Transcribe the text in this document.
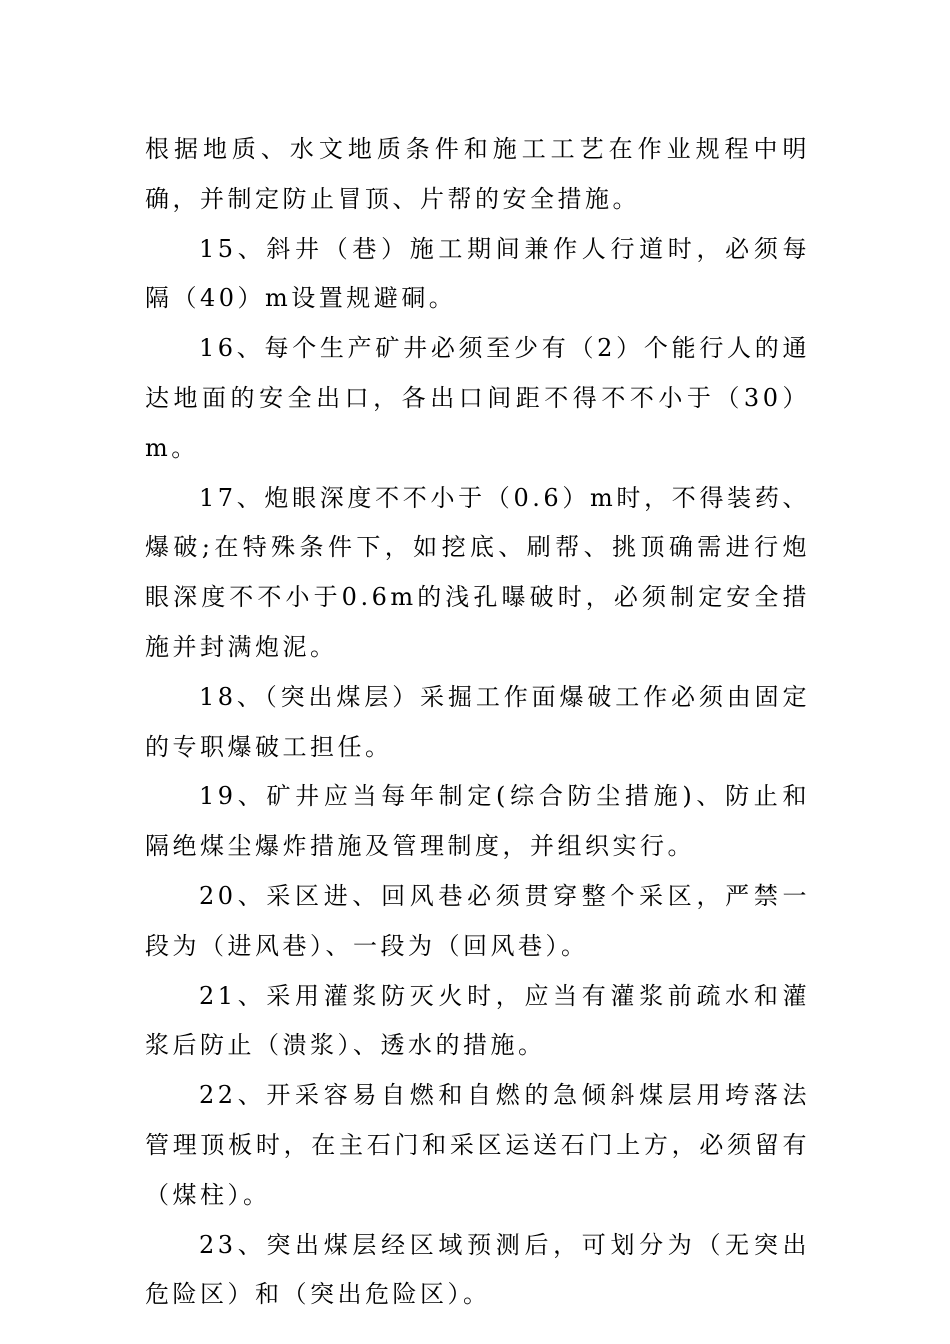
根据地质、水文地质条件和施工工艺在作业规程中明确，并制定防止冒顶、片帮的安全措施。

15、斜井（巷）施工期间兼作人行道时，必须每隔（40）m设置规避硐。

16、每个生产矿井必须至少有（2）个能行人的通达地面的安全出口，各出口间距不得不不小于（30）m。

17、炮眼深度不不小于（0.6）m时，不得装药、爆破;在特殊条件下，如挖底、刷帮、挑顶确需进行炮眼深度不不小于0.6m的浅孔曝破时，必须制定安全措施并封满炮泥。

18、（突出煤层）采掘工作面爆破工作必须由固定的专职爆破工担任。

19、矿井应当每年制定(综合防尘措施)、防止和隔绝煤尘爆炸措施及管理制度，并组织实行。

20、采区进、回风巷必须贯穿整个采区，严禁一段为（进风巷）、一段为（回风巷）。

21、采用灌浆防灭火时，应当有灌浆前疏水和灌浆后防止（溃浆）、透水的措施。

22、开采容易自燃和自燃的急倾斜煤层用垮落法管理顶板时，在主石门和采区运送石门上方，必须留有（煤柱）。

23、突出煤层经区域预测后，可划分为（无突出危险区）和（突出危险区）。
